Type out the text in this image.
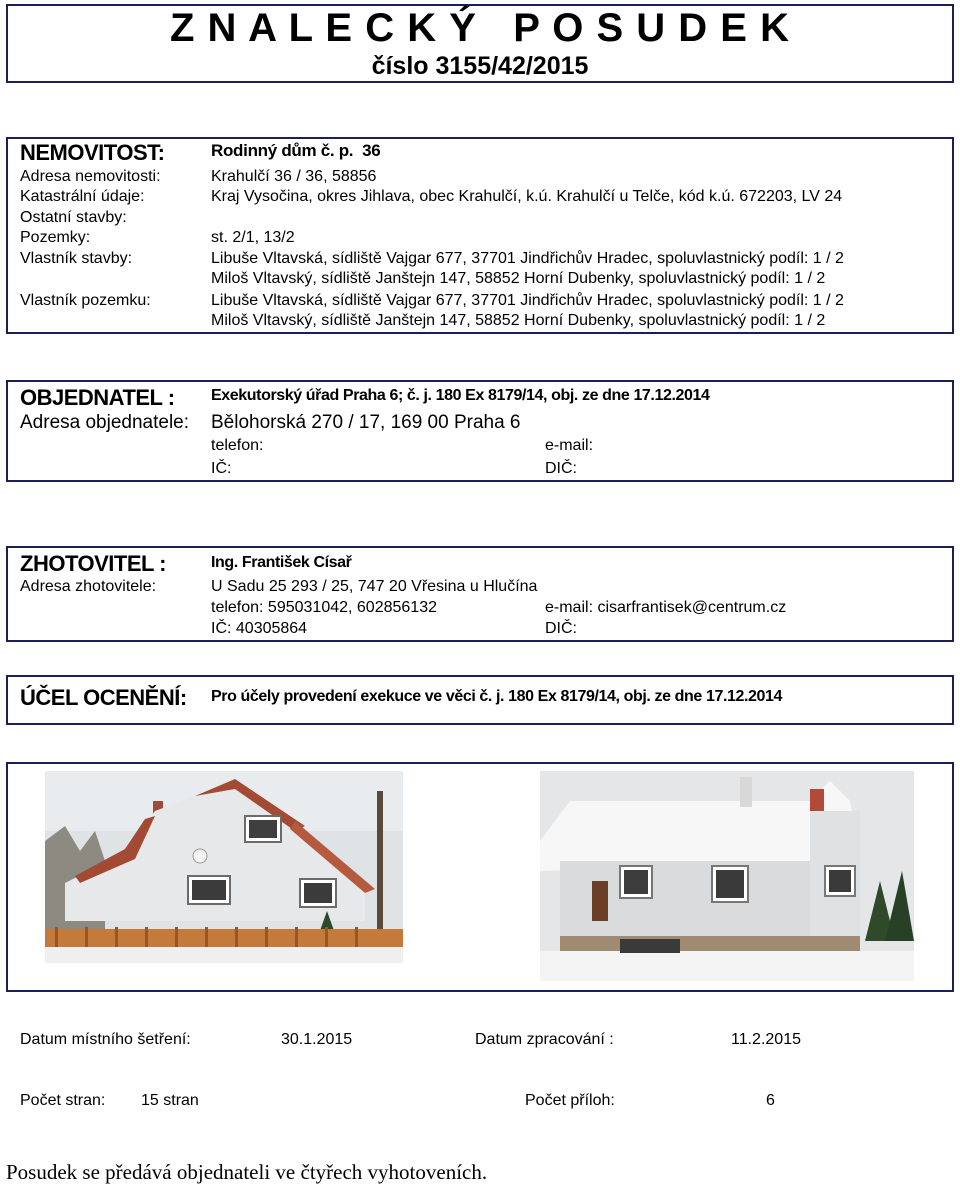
Z N A L E C K Ý   P O S U D E K
číslo 3155/42/2015
NEMOVITOST:	Rodinný dům č. p.  36
Adresa nemovitosti:	Krahulčí 36 / 36, 58856
Katastrální údaje:	Kraj Vysočina, okres Jihlava, obec Krahulčí, k.ú. Krahulčí u Telče, kód k.ú. 672203, LV 24
Ostatní stavby:
Pozemky:	st. 2/1, 13/2
Vlastník stavby:	Libuše Vltavská, sídliště Vajgar 677, 37701 Jindřichův Hradec, spoluvlastnický podíl: 1 / 2
Miloš Vltavský, sídliště Janštejn 147, 58852 Horní Dubenky, spoluvlastnický podíl: 1 / 2
Vlastník pozemku:	Libuše Vltavská, sídliště Vajgar 677, 37701 Jindřichův Hradec, spoluvlastnický podíl: 1 / 2
Miloš Vltavský, sídliště Janštejn 147, 58852 Horní Dubenky, spoluvlastnický podíl: 1 / 2
OBJEDNATEL : Exekutorský úřad Praha 6; č. j. 180 Ex 8179/14, obj. ze dne 17.12.2014
Adresa objednatele: Bělohorská 270 / 17, 169 00 Praha 6
telefon:	e-mail:
IČ:	DIČ:
ZHOTOVITEL :	Ing. František Císař
Adresa zhotovitele:	U Sadu 25 293 / 25, 747 20 Vřesina u Hlučína
telefon: 595031042, 602856132	e-mail: cisarfrantisek@centrum.cz
IČ: 40305864	DIČ:
ÚČEL OCENĚNÍ: Pro účely provedení exekuce ve věci č. j. 180 Ex 8179/14, obj. ze dne 17.12.2014
Datum místního šetření:	30.1.2015	Datum zpracování :	11.2.2015
Počet stran: 15 stran	Počet příloh:	6
Posudek se předává objednateli ve čtyřech vyhotoveních.
